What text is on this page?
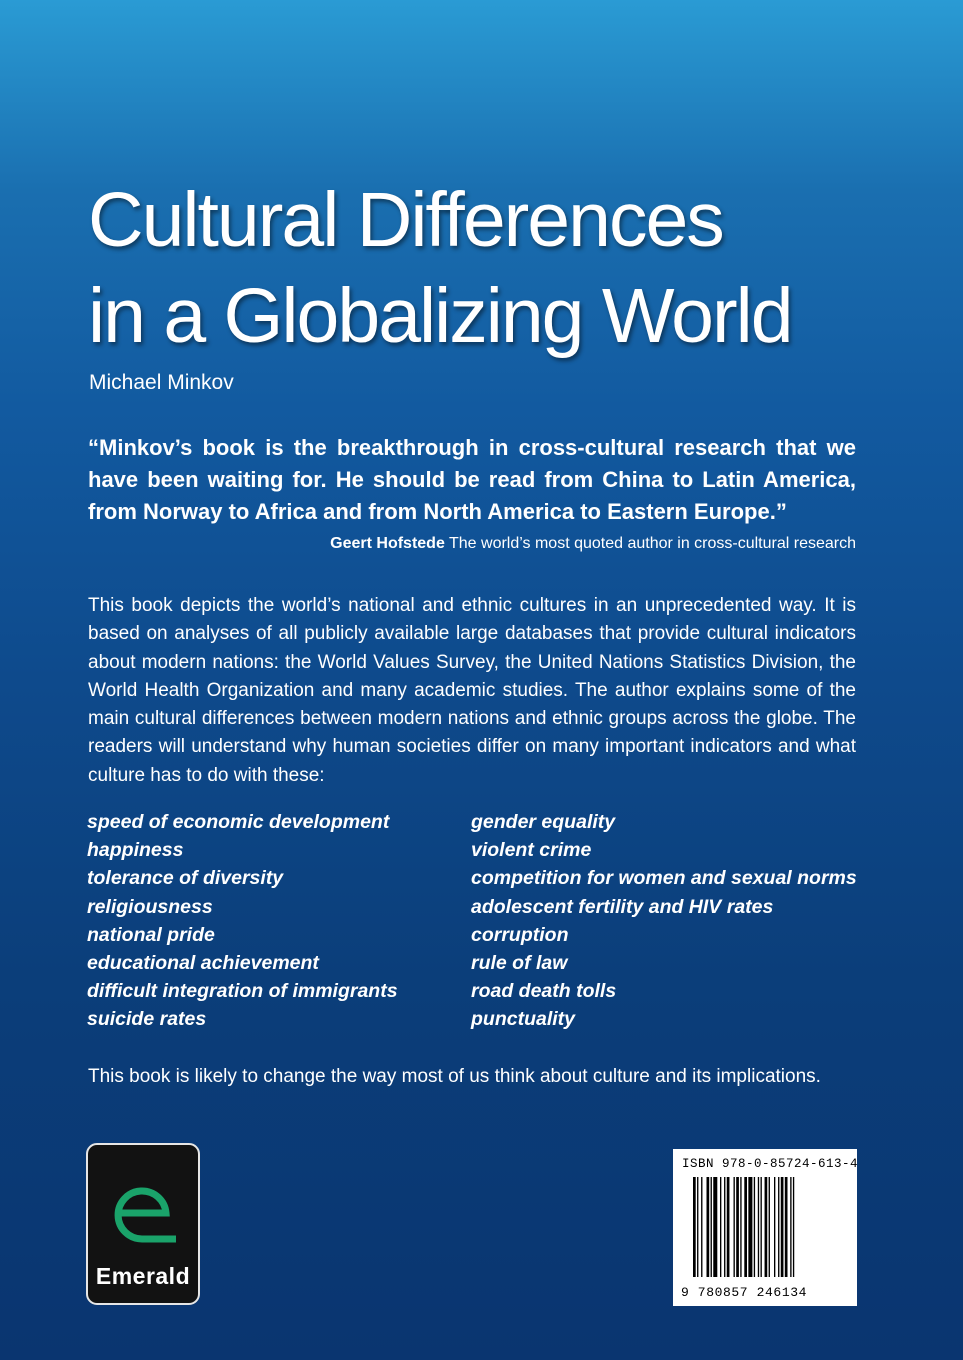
Cultural Differences
in a Globalizing World
Michael Minkov
“Minkov’s book is the breakthrough in cross-cultural research that we have been waiting for. He should be read from China to Latin America, from Norway to Africa and from North America to Eastern Europe.”
Geert Hofstede The world’s most quoted author in cross-cultural research
This book depicts the world’s national and ethnic cultures in an unprecedented way. It is based on analyses of all publicly available large databases that provide cultural indicators about modern nations: the World Values Survey, the United Nations Statistics Division, the World Health Organization and many academic studies. The author explains some of the main cultural differences between modern nations and ethnic groups across the globe. The readers will understand why human societies differ on many important indicators and what culture has to do with these:
speed of economic development
happiness
tolerance of diversity
religiousness
national pride
educational achievement
difficult integration of immigrants
suicide rates
gender equality
violent crime
competition for women and sexual norms
adolescent fertility and HIV rates
corruption
rule of law
road death tolls
punctuality
This book is likely to change the way most of us think about culture and its implications.
Emerald
ISBN 978-0-85724-613-4
9 780857 246134
